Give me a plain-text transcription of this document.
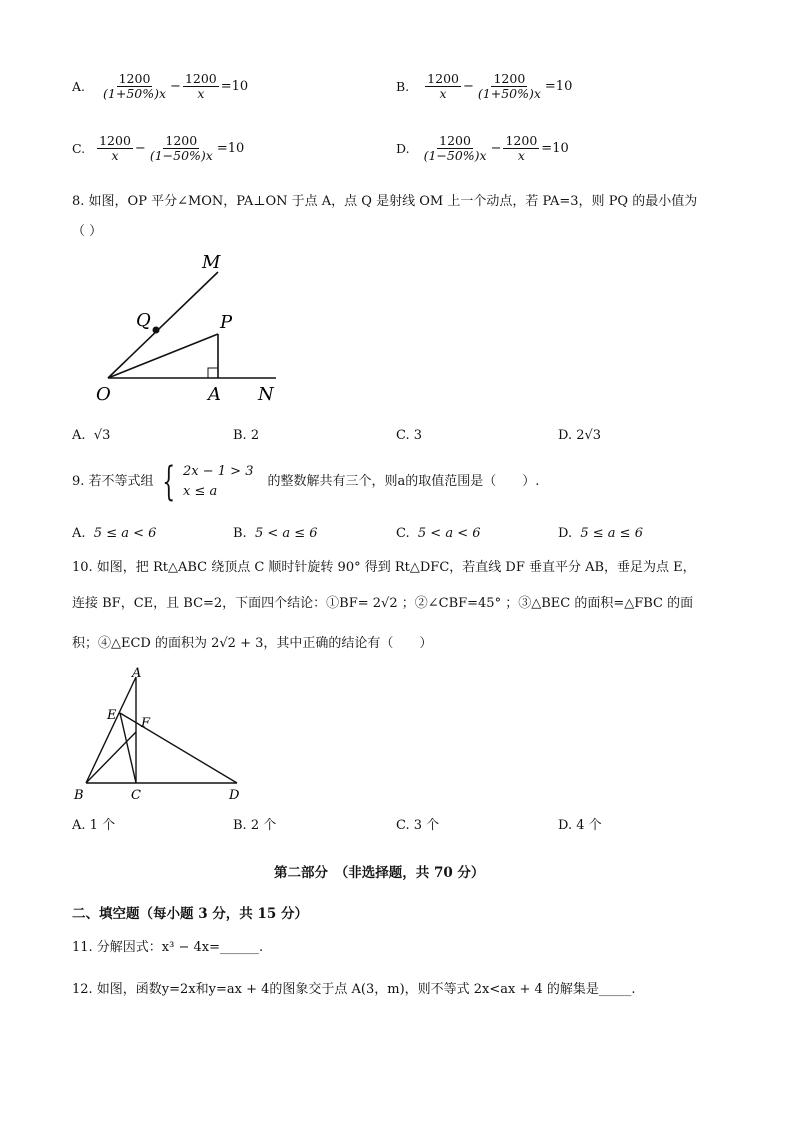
A. $\frac{1200}{(1+50\%)x} - \frac{1200}{x} =10$	B. $\frac{1200}{x} - \frac{1200}{(1+50\%)x} =10$
C. $\frac{1200}{x} - \frac{1200}{(1-50\%)x} =10$	D. $\frac{1200}{(1-50\%)x} - \frac{1200}{x} =10$
8. 如图，OP 平分∠MON，PA⊥ON 于点 A，点 Q 是射线 OM 上一个动点，若 PA=3，则 PQ 的最小值为
（ ）
M
Q	P
O	A N
A. √3	B. 2	C. 3	D. 2√3
9. 若不等式组 { 2x − 1 > 3
x ≤ a
的整数解共有三个，则a的取值范围是（　　）.
A. 5 ≤ a < 6	B. 5 < a ≤ 6	C. 5 < a < 6	D. 5 ≤ a ≤ 6
10. 如图，把 Rt△ABC 绕顶点 C 顺时针旋转 90° 得到 Rt△DFC，若直线 DF 垂直平分 AB，垂足为点 E，
连接 BF，CE，且 BC=2，下面四个结论：①BF= 2√2 ；②∠CBF=45° ；③△BEC 的面积=△FBC 的面
积；④△ECD 的面积为 2√2 + 3，其中正确的结论有（　　）
A
E
F
B	C	D
A. 1 个	B. 2 个	C. 3 个	D. 4 个
第二部分　（非选择题，共 70 分）
二、填空题（每小题 3 分，共 15 分）
11. 分解因式：x³ − 4x=______.
12. 如图，函数y=2x和y=ax + 4的图象交于点 A(3，m)，则不等式 2x<ax + 4 的解集是_____.
